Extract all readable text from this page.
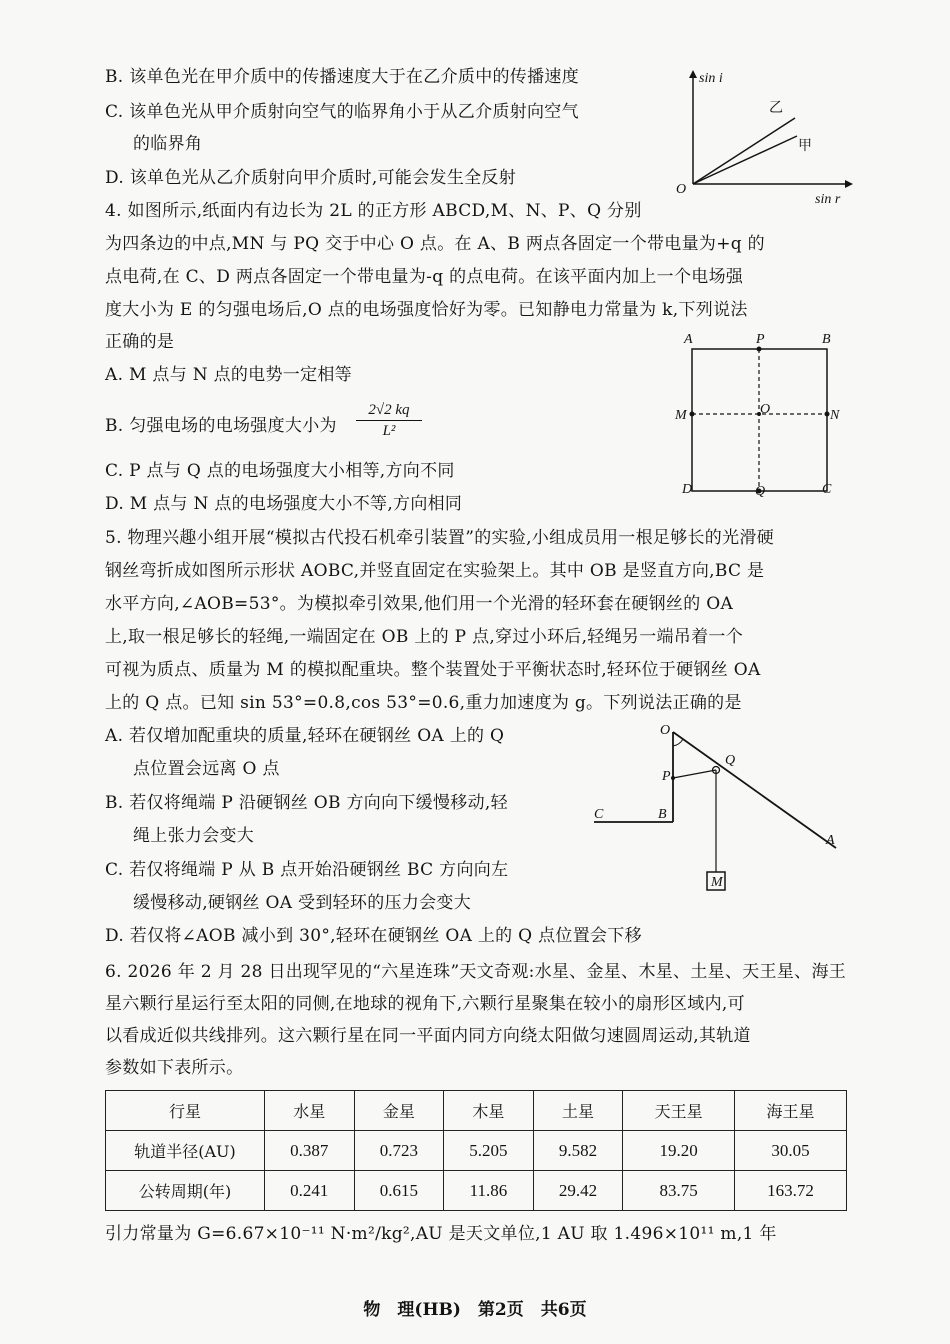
B. 该单色光在甲介质中的传播速度大于在乙介质中的传播速度
C. 该单色光从甲介质射向空气的临界角小于从乙介质射向空气
的临界角
D. 该单色光从乙介质射向甲介质时,可能会发生全反射
sin i
sin r
O
乙
甲
4. 如图所示,纸面内有边长为 2L 的正方形 ABCD,M、N、P、Q 分别
为四条边的中点,MN 与 PQ 交于中心 O 点。在 A、B 两点各固定一个带电量为+q 的
点电荷,在 C、D 两点各固定一个带电量为-q 的点电荷。在该平面内加上一个电场强
度大小为 E 的匀强电场后,O 点的电场强度恰好为零。已知静电力常量为 k,下列说法
正确的是
A. M 点与 N 点的电势一定相等
B. 匀强电场的电场强度大小为 $\frac{2√2 kq}{\text{L²}}$
C. P 点与 Q 点的电场强度大小相等,方向不同
D. M 点与 N 点的电场强度大小不等,方向相同
A	P	B
M	O	N
D	Q	C
5. 物理兴趣小组开展“模拟古代投石机牵引装置”的实验,小组成员用一根足够长的光滑硬
钢丝弯折成如图所示形状 AOBC,并竖直固定在实验架上。其中 OB 是竖直方向,BC 是
水平方向,∠AOB=53°。为模拟牵引效果,他们用一个光滑的轻环套在硬钢丝的 OA
上,取一根足够长的轻绳,一端固定在 OB 上的 P 点,穿过小环后,轻绳另一端吊着一个
可视为质点、质量为 M 的模拟配重块。整个装置处于平衡状态时,轻环位于硬钢丝 OA
上的 Q 点。已知 sin 53°=0.8,cos 53°=0.6,重力加速度为 g。下列说法正确的是
A. 若仅增加配重块的质量,轻环在硬钢丝 OA 上的 Q
点位置会远离 O 点
B. 若仅将绳端 P 沿硬钢丝 OB 方向向下缓慢移动,轻
绳上张力会变大
C. 若仅将绳端 P 从 B 点开始沿硬钢丝 BC 方向向左
缓慢移动,硬钢丝 OA 受到轻环的压力会变大
D. 若仅将∠AOB 减小到 30°,轻环在硬钢丝 OA 上的 Q 点位置会下移
O
P
Q
B
C
A
M
6. 2026 年 2 月 28 日出现罕见的“六星连珠”天文奇观:水星、金星、木星、土星、天王星、海王
星六颗行星运行至太阳的同侧,在地球的视角下,六颗行星聚集在较小的扇形区域内,可
以看成近似共线排列。这六颗行星在同一平面内同方向绕太阳做匀速圆周运动,其轨道
参数如下表所示。
行星	水星	金星	木星	土星	天王星	海王星
轨道半径(AU)	0.387	0.723	5.205	9.582	19.20	30.05
公转周期(年)	0.241	0.615	11.86	29.42	83.75	163.72
引力常量为 G=6.67×10⁻¹¹ N·m²/kg²,AU 是天文单位,1 AU 取 1.496×10¹¹ m,1 年
物　理(HB)　第2页　共6页
